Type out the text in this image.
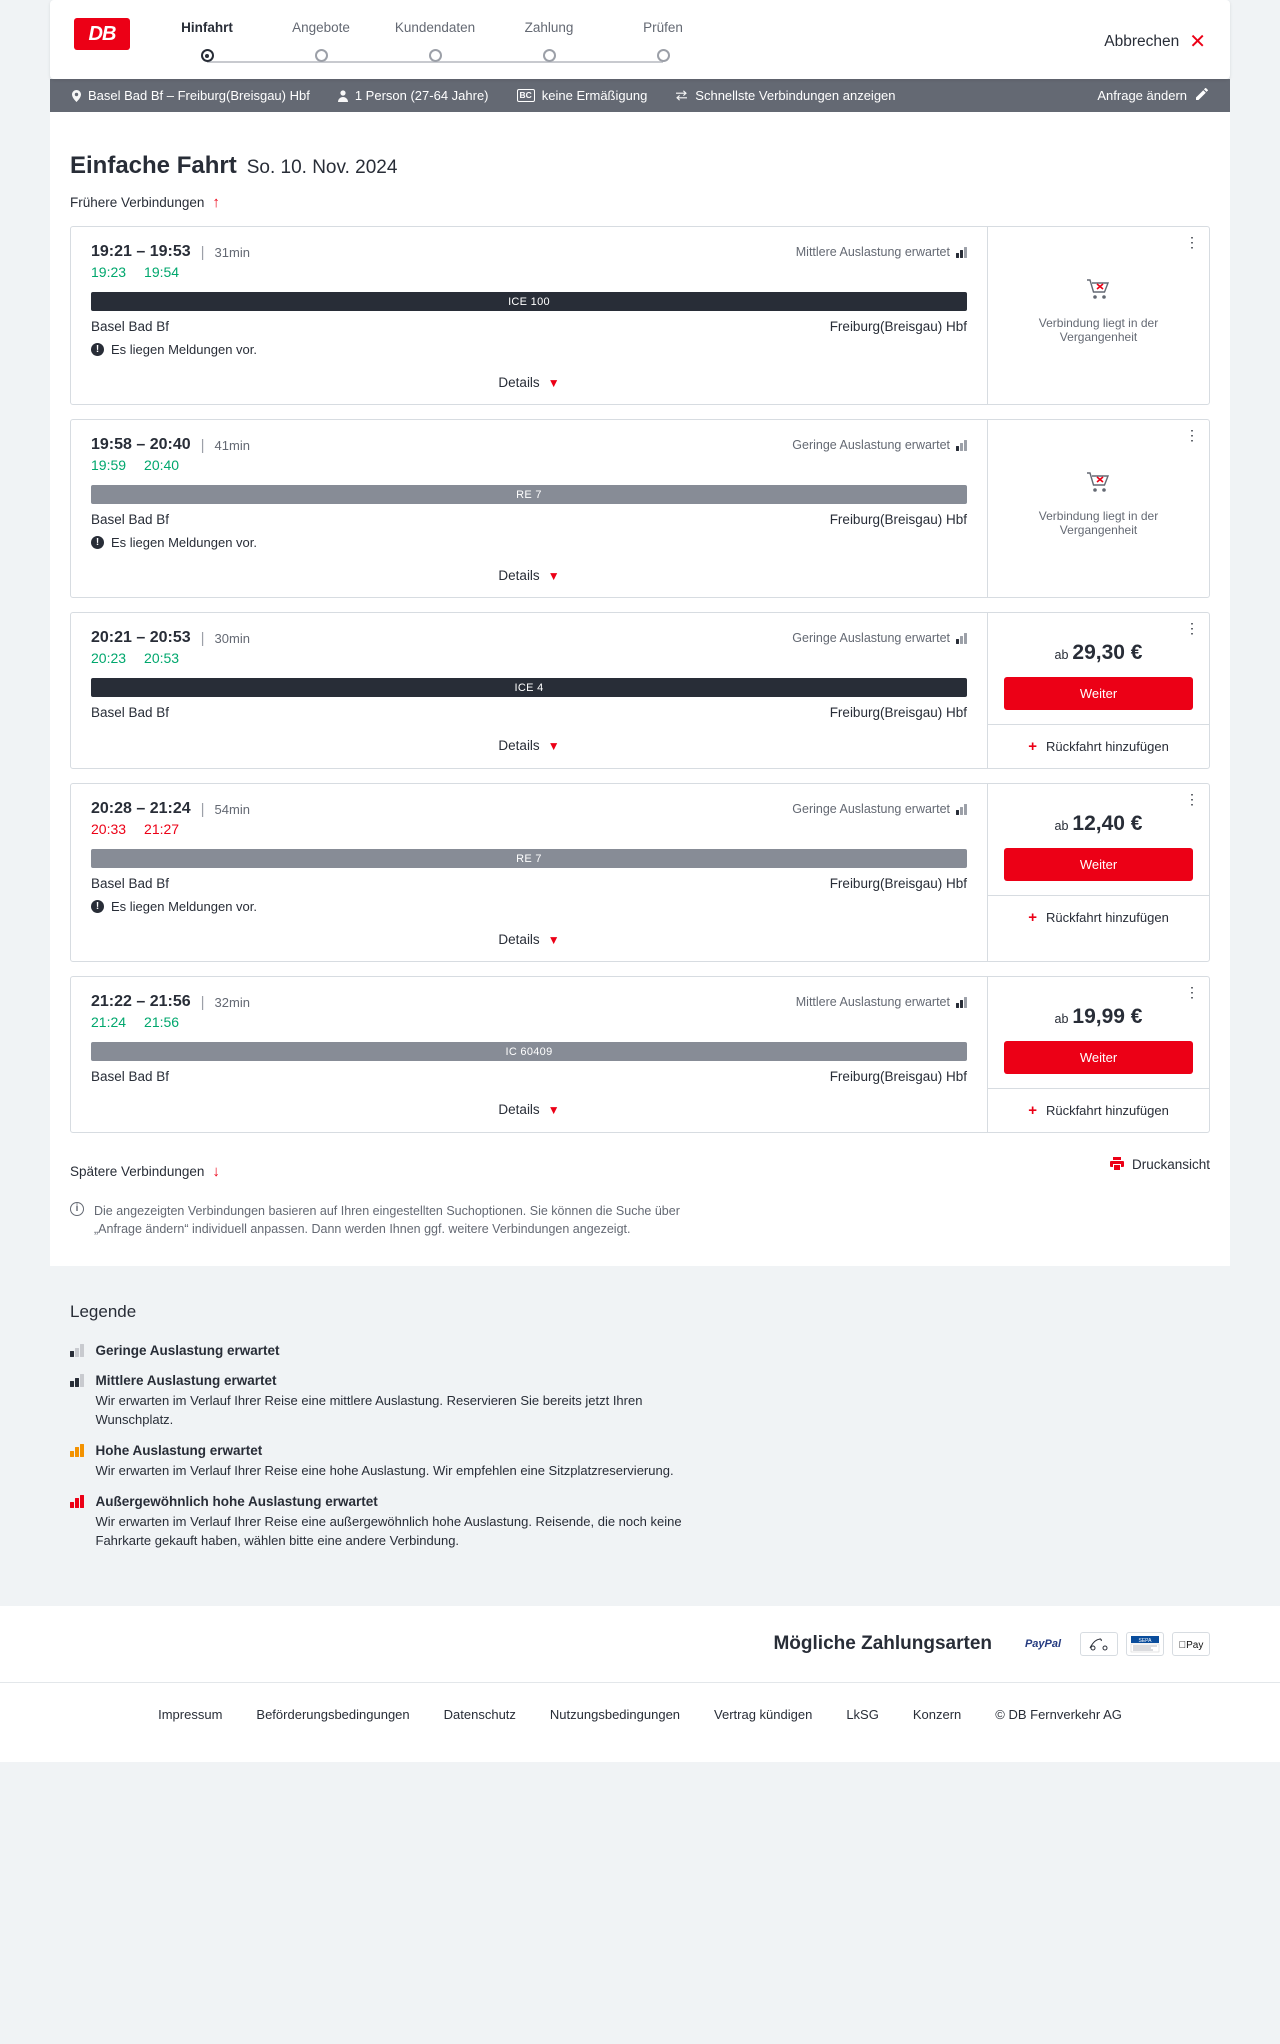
DB	Hinfahrt	Angebote	Kundendaten	Zahlung	Prüfen
Abbrechen ✕
Basel Bad Bf – Freiburg(Breisgau) Hbf	1 Person (27-64 Jahre)	BC keine Ermäßigung	Schnellste Verbindungen anzeigen	Anfrage ändern
Einfache Fahrt So. 10. Nov. 2024
Frühere Verbindungen ↑
19:21 – 19:53 | 31min	Mittlere Auslastung erwartet
19:23 19:54
ICE 100
Basel Bad Bf	Freiburg(Breisgau) Hbf
! Es liegen Meldungen vor.
Details ▼
⋮
Verbindung liegt in der Vergangenheit
19:58 – 20:40 | 41min	Geringe Auslastung erwartet
19:59 20:40
RE 7
Basel Bad Bf	Freiburg(Breisgau) Hbf
! Es liegen Meldungen vor.
Details ▼
⋮
Verbindung liegt in der Vergangenheit
20:21 – 20:53 | 30min	Geringe Auslastung erwartet
20:23 20:53
ICE 4
Basel Bad Bf	Freiburg(Breisgau) Hbf
Details ▼
⋮
ab 29,30 €
Weiter
+ Rückfahrt hinzufügen
20:28 – 21:24 | 54min	Geringe Auslastung erwartet
20:33 21:27
RE 7
Basel Bad Bf	Freiburg(Breisgau) Hbf
! Es liegen Meldungen vor.
Details ▼
⋮
ab 12,40 €
Weiter
+ Rückfahrt hinzufügen
21:22 – 21:56 | 32min	Mittlere Auslastung erwartet
21:24 21:56
IC 60409
Basel Bad Bf	Freiburg(Breisgau) Hbf
Details ▼
⋮
ab 19,99 €
Weiter
+ Rückfahrt hinzufügen
Spätere Verbindungen ↓	Druckansicht
i	Die angezeigten Verbindungen basieren auf Ihren eingestellten Suchoptionen. Sie können die Suche über „Anfrage ändern“ individuell anpassen. Dann werden Ihnen ggf. weitere Verbindungen angezeigt.
Legende
Geringe Auslastung erwartet
Mittlere Auslastung erwartet

Wir erwarten im Verlauf Ihrer Reise eine mittlere Auslastung. Reservieren Sie bereits jetzt Ihren Wunschplatz.

Hohe Auslastung erwartet

Wir erwarten im Verlauf Ihrer Reise eine hohe Auslastung. Wir empfehlen eine Sitzplatzreservierung.

Außergewöhnlich hohe Auslastung erwartet

Wir erwarten im Verlauf Ihrer Reise eine außergewöhnlich hohe Auslastung. Reisende, die noch keine Fahrkarte gekauft haben, wählen bitte eine andere Verbindung.

Mögliche Zahlungsarten	PayPal	SEPA	Pay
Impressum	Beförderungsbedingungen	Datenschutz	Nutzungsbedingungen	Vertrag kündigen	LkSG	Konzern	© DB Fernverkehr AG
